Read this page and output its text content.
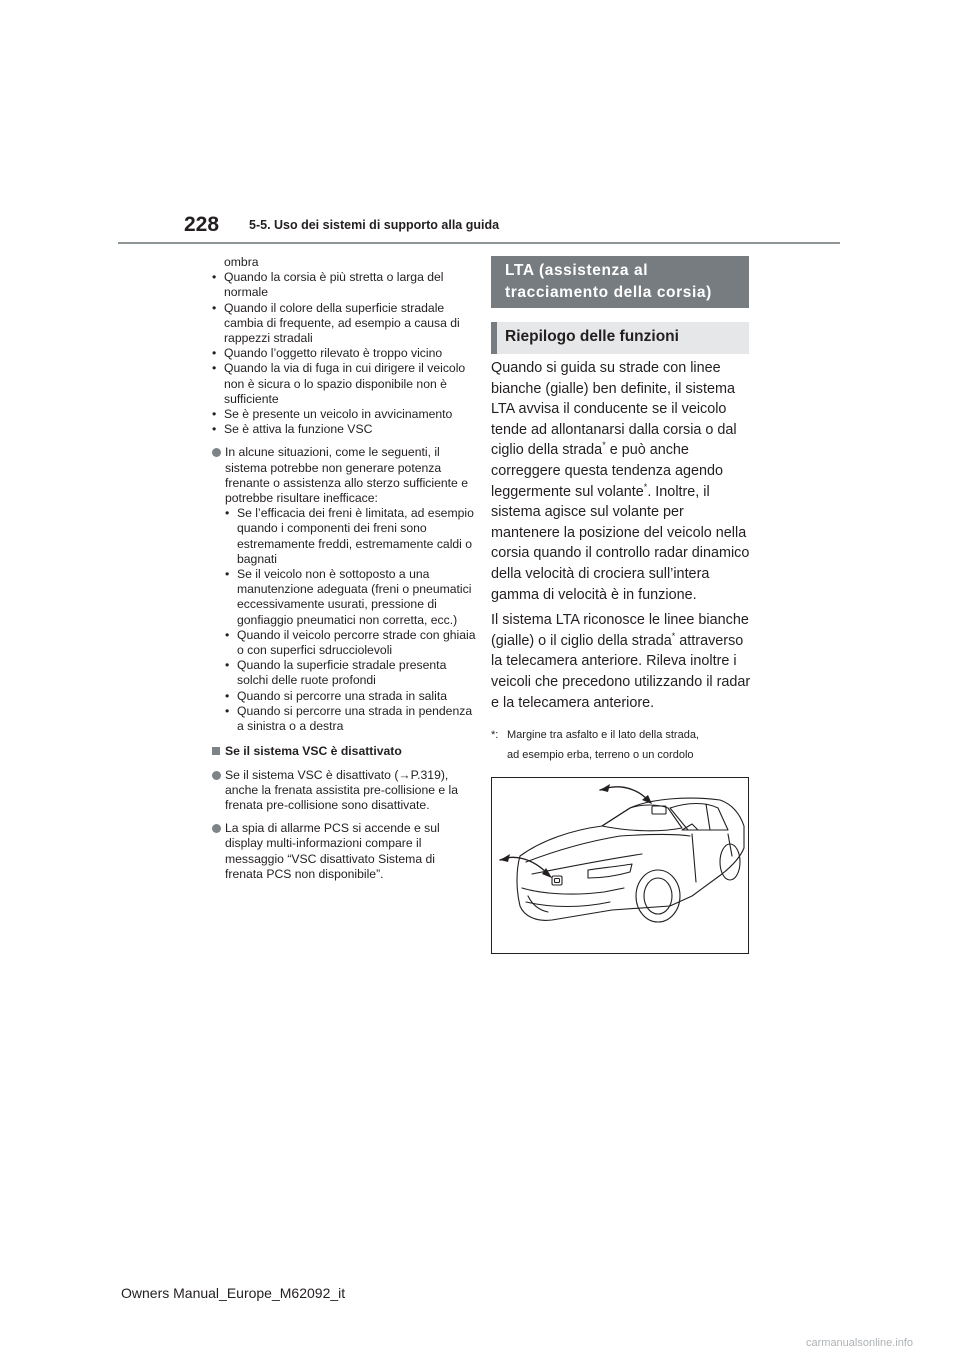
228 5-5. Uso dei sistemi di supporto alla guida

ombra

• Quando la corsia è più stretta o larga del normale
• Quando il colore della superficie stradale cambia di frequente, ad esempio a causa di rappezzi stradali
• Quando l’oggetto rilevato è troppo vicino
• Quando la via di fuga in cui dirigere il veicolo non è sicura o lo spazio disponibile non è sufficiente
• Se è presente un veicolo in avvicinamento
• Se è attiva la funzione VSC

In alcune situazioni, come le seguenti, il sistema potrebbe non generare potenza frenante o assistenza allo sterzo sufficiente e potrebbe risultare inefficace:

• Se l’efficacia dei freni è limitata, ad esempio quando i componenti dei freni sono estremamente freddi, estremamente caldi o bagnati
• Se il veicolo non è sottoposto a una manutenzione adeguata (freni o pneumatici eccessivamente usurati, pressione di gonfiaggio pneumatici non corretta, ecc.)
• Quando il veicolo percorre strade con ghiaia o con superfici sdrucciolevoli
• Quando la superficie stradale presenta solchi delle ruote profondi
• Quando si percorre una strada in salita
• Quando si percorre una strada in pendenza a sinistra o a destra
Se il sistema VSC è disattivato

Se il sistema VSC è disattivato (→P.319), anche la frenata assistita pre-collisione e la frenata pre-collisione sono disattivate.

La spia di allarme PCS si accende e sul display multi-informazioni compare il messaggio “VSC disattivato Sistema di frenata PCS non disponibile”.

LTA (assistenza al tracciamento della corsia)
Riepilogo delle funzioni

Quando si guida su strade con linee bianche (gialle) ben definite, il sistema LTA avvisa il conducente se il veicolo tende ad allontanarsi dalla corsia o dal ciglio della strada* e può anche correggere questa tendenza agendo leggermente sul volante*. Inoltre, il sistema agisce sul volante per mantenere la posizione del veicolo nella corsia quando il controllo radar dinamico della velocità di crociera sull’intera gamma di velocità è in funzione.

Il sistema LTA riconosce le linee bianche (gialle) o il ciglio della strada* attraverso la telecamera anteriore. Rileva inoltre i veicoli che precedono utilizzando il radar e la telecamera anteriore.

*: Margine tra asfalto e il lato della strada,
ad esempio erba, terreno o un cordolo
Owners Manual_Europe_M62092_it
carmanualsonline.info
